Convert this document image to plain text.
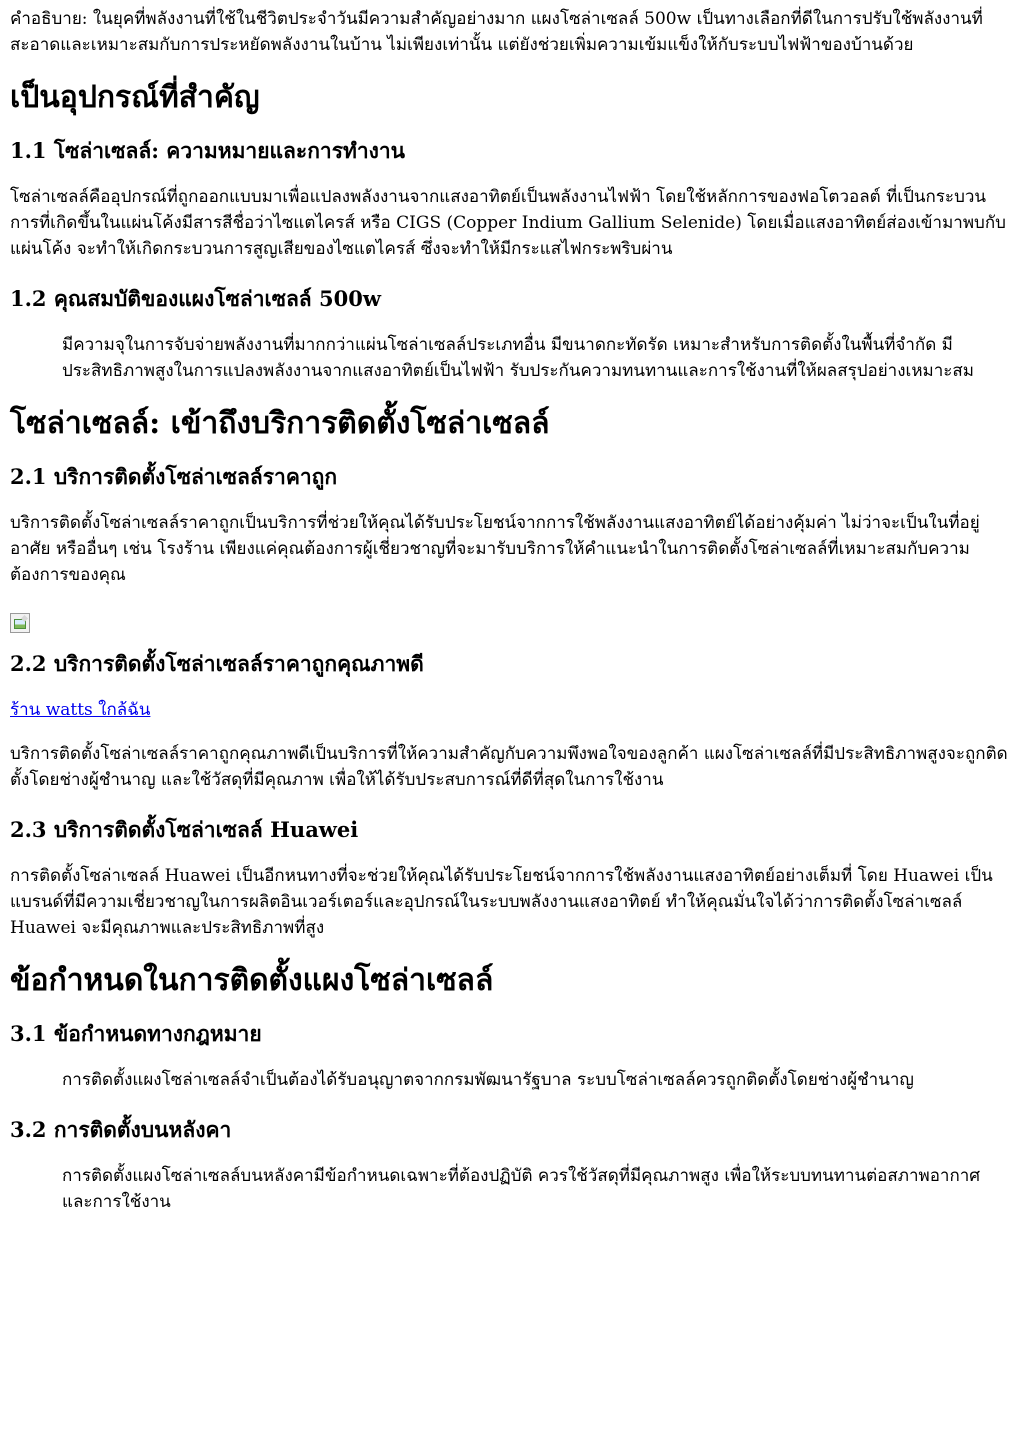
คำอธิบาย: ในยุคที่พลังงานที่ใช้ในชีวิตประจำวันมีความสำคัญอย่างมาก แผงโซล่าเซลล์ 500w เป็นทางเลือกที่ดีในการปรับใช้พลังงานที่สะอาดและเหมาะสมกับการประหยัดพลังงานในบ้าน ไม่เพียงเท่านั้น แต่ยังช่วยเพิ่มความเข้มแข็งให้กับระบบไฟฟ้าของบ้านด้วย

เป็นอุปกรณ์ที่สำคัญ
1.1 โซล่าเซลล์: ความหมายและการทำงาน

โซล่าเซลล์คืออุปกรณ์ที่ถูกออกแบบมาเพื่อแปลงพลังงานจากแสงอาทิตย์เป็นพลังงานไฟฟ้า โดยใช้หลักการของฟอโตวอลต์ ที่เป็นกระบวนการที่เกิดขึ้นในแผ่นโค้งมีสารสีชื่อว่าไซแตไครส์ หรือ CIGS (Copper Indium Gallium Selenide) โดยเมื่อแสงอาทิตย์ส่องเข้ามาพบกับแผ่นโค้ง จะทำให้เกิดกระบวนการสูญเสียของไซแตไครส์ ซึ่งจะทำให้มีกระแสไฟกระพริบผ่าน

1.2 คุณสมบัติของแผงโซล่าเซลล์ 500w

มีความจุในการจับจ่ายพลังงานที่มากกว่าแผ่นโซล่าเซลล์ประเภทอื่น มีขนาดกะทัดรัด เหมาะสำหรับการติดตั้งในพื้นที่จำกัด มีประสิทธิภาพสูงในการแปลงพลังงานจากแสงอาทิตย์เป็นไฟฟ้า รับประกันความทนทานและการใช้งานที่ให้ผลสรุปอย่างเหมาะสม

โซล่าเซลล์: เข้าถึงบริการติดตั้งโซล่าเซลล์
2.1 บริการติดตั้งโซล่าเซลล์ราคาถูก

บริการติดตั้งโซล่าเซลล์ราคาถูกเป็นบริการที่ช่วยให้คุณได้รับประโยชน์จากการใช้พลังงานแสงอาทิตย์ได้อย่างคุ้มค่า ไม่ว่าจะเป็นในที่อยู่อาศัย หรืออื่นๆ เช่น โรงร้าน เพียงแค่คุณต้องการผู้เชี่ยวชาญที่จะมารับบริการให้คำแนะนำในการติดตั้งโซล่าเซลล์ที่เหมาะสมกับความต้องการของคุณ

2.2 บริการติดตั้งโซล่าเซลล์ราคาถูกคุณภาพดี

ร้าน watts ใกล้ฉัน

บริการติดตั้งโซล่าเซลล์ราคาถูกคุณภาพดีเป็นบริการที่ให้ความสำคัญกับความพึงพอใจของลูกค้า แผงโซล่าเซลล์ที่มีประสิทธิภาพสูงจะถูกติดตั้งโดยช่างผู้ชำนาญ และใช้วัสดุที่มีคุณภาพ เพื่อให้ได้รับประสบการณ์ที่ดีที่สุดในการใช้งาน

2.3 บริการติดตั้งโซล่าเซลล์ Huawei

การติดตั้งโซล่าเซลล์ Huawei เป็นอีกหนทางที่จะช่วยให้คุณได้รับประโยชน์จากการใช้พลังงานแสงอาทิตย์อย่างเต็มที่ โดย Huawei เป็นแบรนด์ที่มีความเชี่ยวชาญในการผลิตอินเวอร์เตอร์และอุปกรณ์ในระบบพลังงานแสงอาทิตย์ ทำให้คุณมั่นใจได้ว่าการติดตั้งโซล่าเซลล์ Huawei จะมีคุณภาพและประสิทธิภาพที่สูง

ข้อกำหนดในการติดตั้งแผงโซล่าเซลล์
3.1 ข้อกำหนดทางกฎหมาย

การติดตั้งแผงโซล่าเซลล์จำเป็นต้องได้รับอนุญาตจากกรมพัฒนารัฐบาล ระบบโซล่าเซลล์ควรถูกติดตั้งโดยช่างผู้ชำนาญ

3.2 การติดตั้งบนหลังคา

การติดตั้งแผงโซล่าเซลล์บนหลังคามีข้อกำหนดเฉพาะที่ต้องปฏิบัติ ควรใช้วัสดุที่มีคุณภาพสูง เพื่อให้ระบบทนทานต่อสภาพอากาศและการใช้งาน
